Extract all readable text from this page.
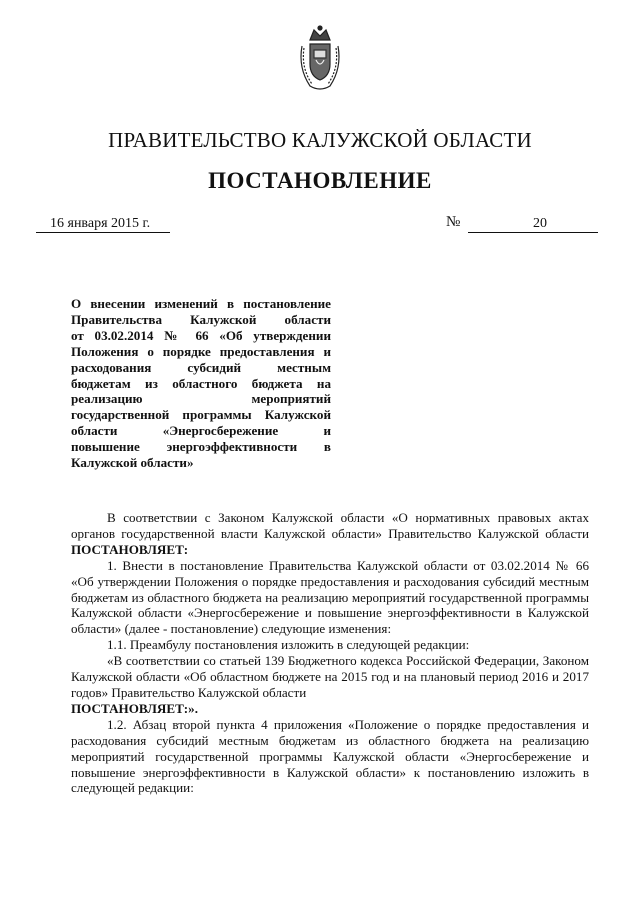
ПРАВИТЕЛЬСТВО КАЛУЖСКОЙ ОБЛАСТИ
ПОСТАНОВЛЕНИЕ
16 января 2015 г.	№	20
О внесении изменений в постановление
Правительства Калужской области
от 03.02.2014 № 66 «Об утверждении
Положения о порядке предоставления и
расходования субсидий местным
бюджетам из областного бюджета на
реализацию мероприятий
государственной программы Калужской
области «Энергосбережение и
повышение энергоэффективности в
Калужской области»

В соответствии с Законом Калужской области «О нормативных правовых актах органов государственной власти Калужской области» Правительство Калужской области ПОСТАНОВЛЯЕТ:

1. Внести в постановление Правительства Калужской области от 03.02.2014 № 66 «Об утверждении Положения о порядке предоставления и расходования субсидий местным бюджетам из областного бюджета на реализацию мероприятий государственной программы Калужской области «Энергосбережение и повышение энергоэффективности в Калужской области» (далее - постановление) следующие изменения:

1.1. Преамбулу постановления изложить в следующей редакции:

«В соответствии со статьей 139 Бюджетного кодекса Российской Федерации, Законом Калужской области «Об областном бюджете на 2015 год и на плановый период 2016 и 2017 годов» Правительство Калужской области
ПОСТАНОВЛЯЕТ:».

1.2. Абзац второй пункта 4 приложения «Положение о порядке предоставления и расходования субсидий местным бюджетам из областного бюджета на реализацию мероприятий государственной программы Калужской области «Энергосбережение и повышение энергоэффективности в Калужской области» к постановлению изложить в следующей редакции:
